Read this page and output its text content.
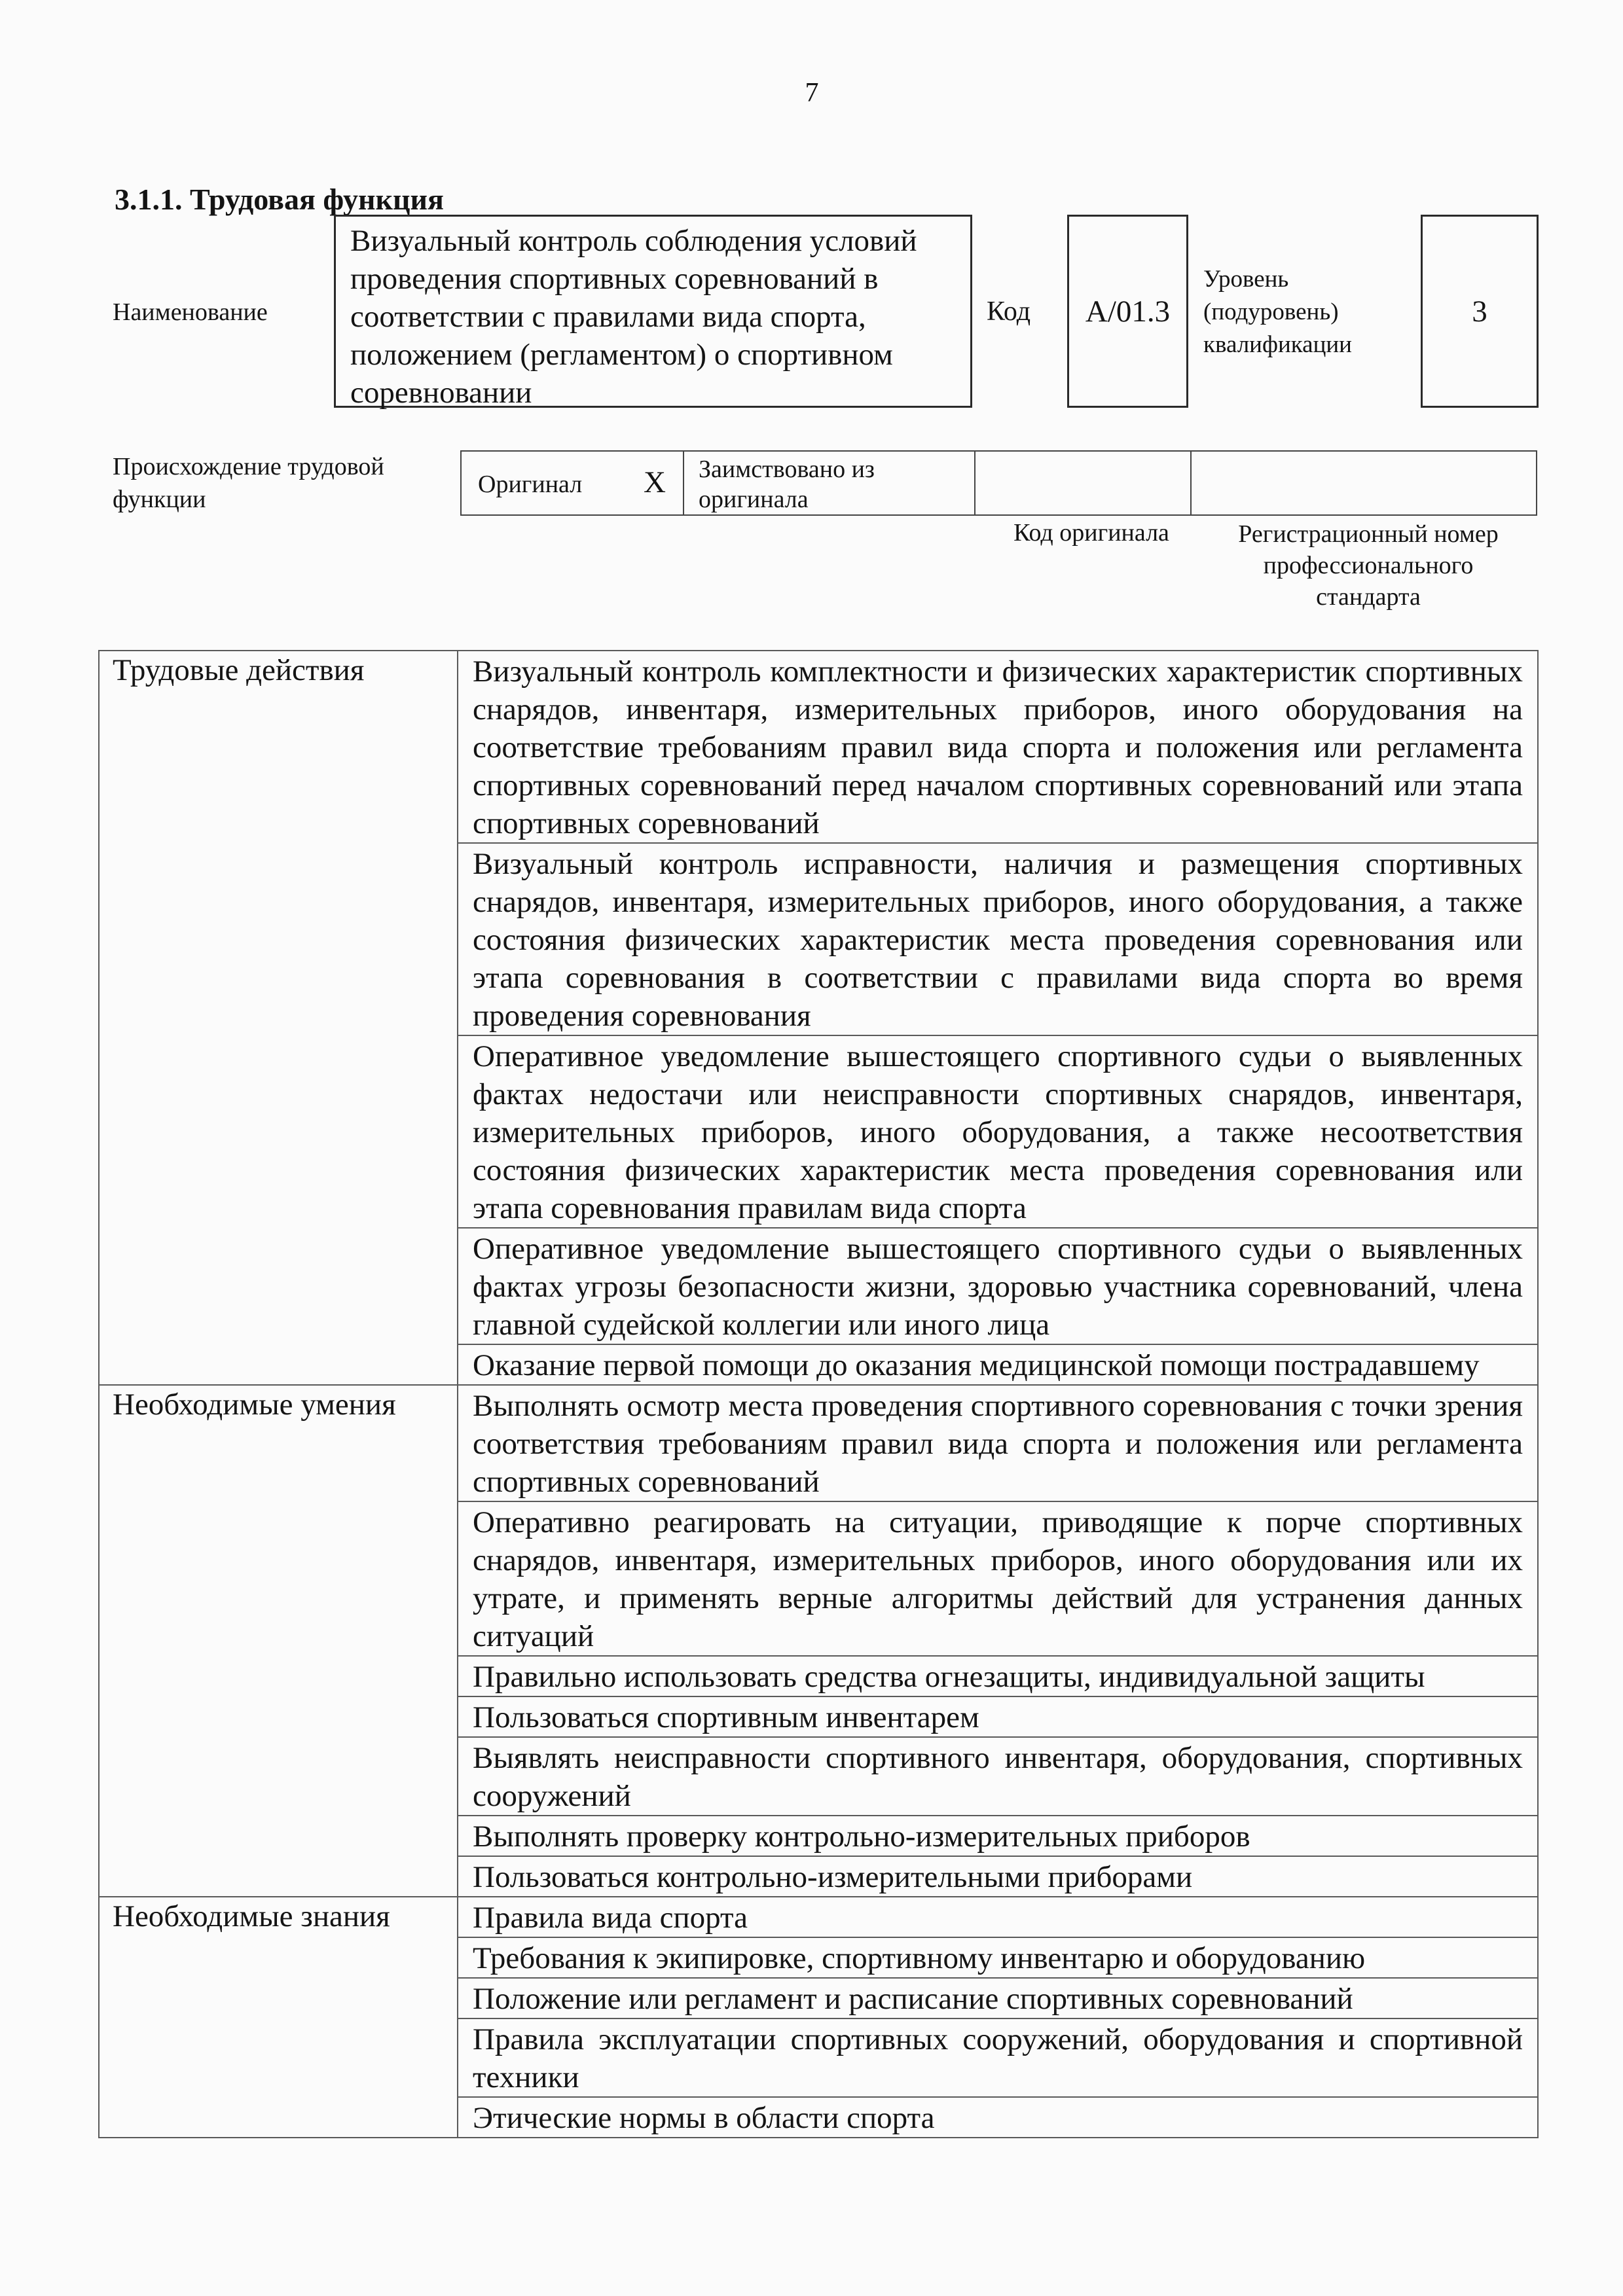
7
3.1.1. Трудовая функция
Наименование
Визуальный контроль соблюдения условий проведения спортивных соревнований в соответствии с правилами вида спорта, положением (регламентом) о спортивном соревновании
Код A/01.3
Уровень
(подуровень)
квалификации
3
Происхождение трудовой
функции
Оригинал X Заимствовано из
оригинала
Код оригинала	Регистрационный номер
профессионального
стандарта
Трудовые действия	Визуальный контроль комплектности и физических характеристик спортивных снарядов, инвентаря, измерительных приборов, иного оборудования на соответствие требованиям правил вида спорта и положения или регламента спортивных соревнований перед началом спортивных соревнований или этапа спортивных соревнований
	Визуальный контроль исправности, наличия и размещения спортивных снарядов, инвентаря, измерительных приборов, иного оборудования, а также состояния физических характеристик места проведения соревнования или этапа соревнования в соответствии с правилами вида спорта во время проведения соревнования
	Оперативное уведомление вышестоящего спортивного судьи о выявленных фактах недостачи или неисправности спортивных снарядов, инвентаря, измерительных приборов, иного оборудования, а также несоответствия состояния физических характеристик места проведения соревнования или этапа соревнования правилам вида спорта
	Оперативное уведомление вышестоящего спортивного судьи о выявленных фактах угрозы безопасности жизни, здоровью участника соревнований, члена главной судейской коллегии или иного лица
	Оказание первой помощи до оказания медицинской помощи пострадавшему
Необходимые умения	Выполнять осмотр места проведения спортивного соревнования с точки зрения соответствия требованиям правил вида спорта и положения или регламента спортивных соревнований
	Оперативно реагировать на ситуации, приводящие к порче спортивных снарядов, инвентаря, измерительных приборов, иного оборудования или их утрате, и применять верные алгоритмы действий для устранения данных ситуаций
	Правильно использовать средства огнезащиты, индивидуальной защиты
	Пользоваться спортивным инвентарем
	Выявлять неисправности спортивного инвентаря, оборудования, спортивных сооружений
	Выполнять проверку контрольно-измерительных приборов
	Пользоваться контрольно-измерительными приборами
Необходимые знания	Правила вида спорта
	Требования к экипировке, спортивному инвентарю и оборудованию
	Положение или регламент и расписание спортивных соревнований
	Правила эксплуатации спортивных сооружений, оборудования и спортивной техники
	Этические нормы в области спорта
